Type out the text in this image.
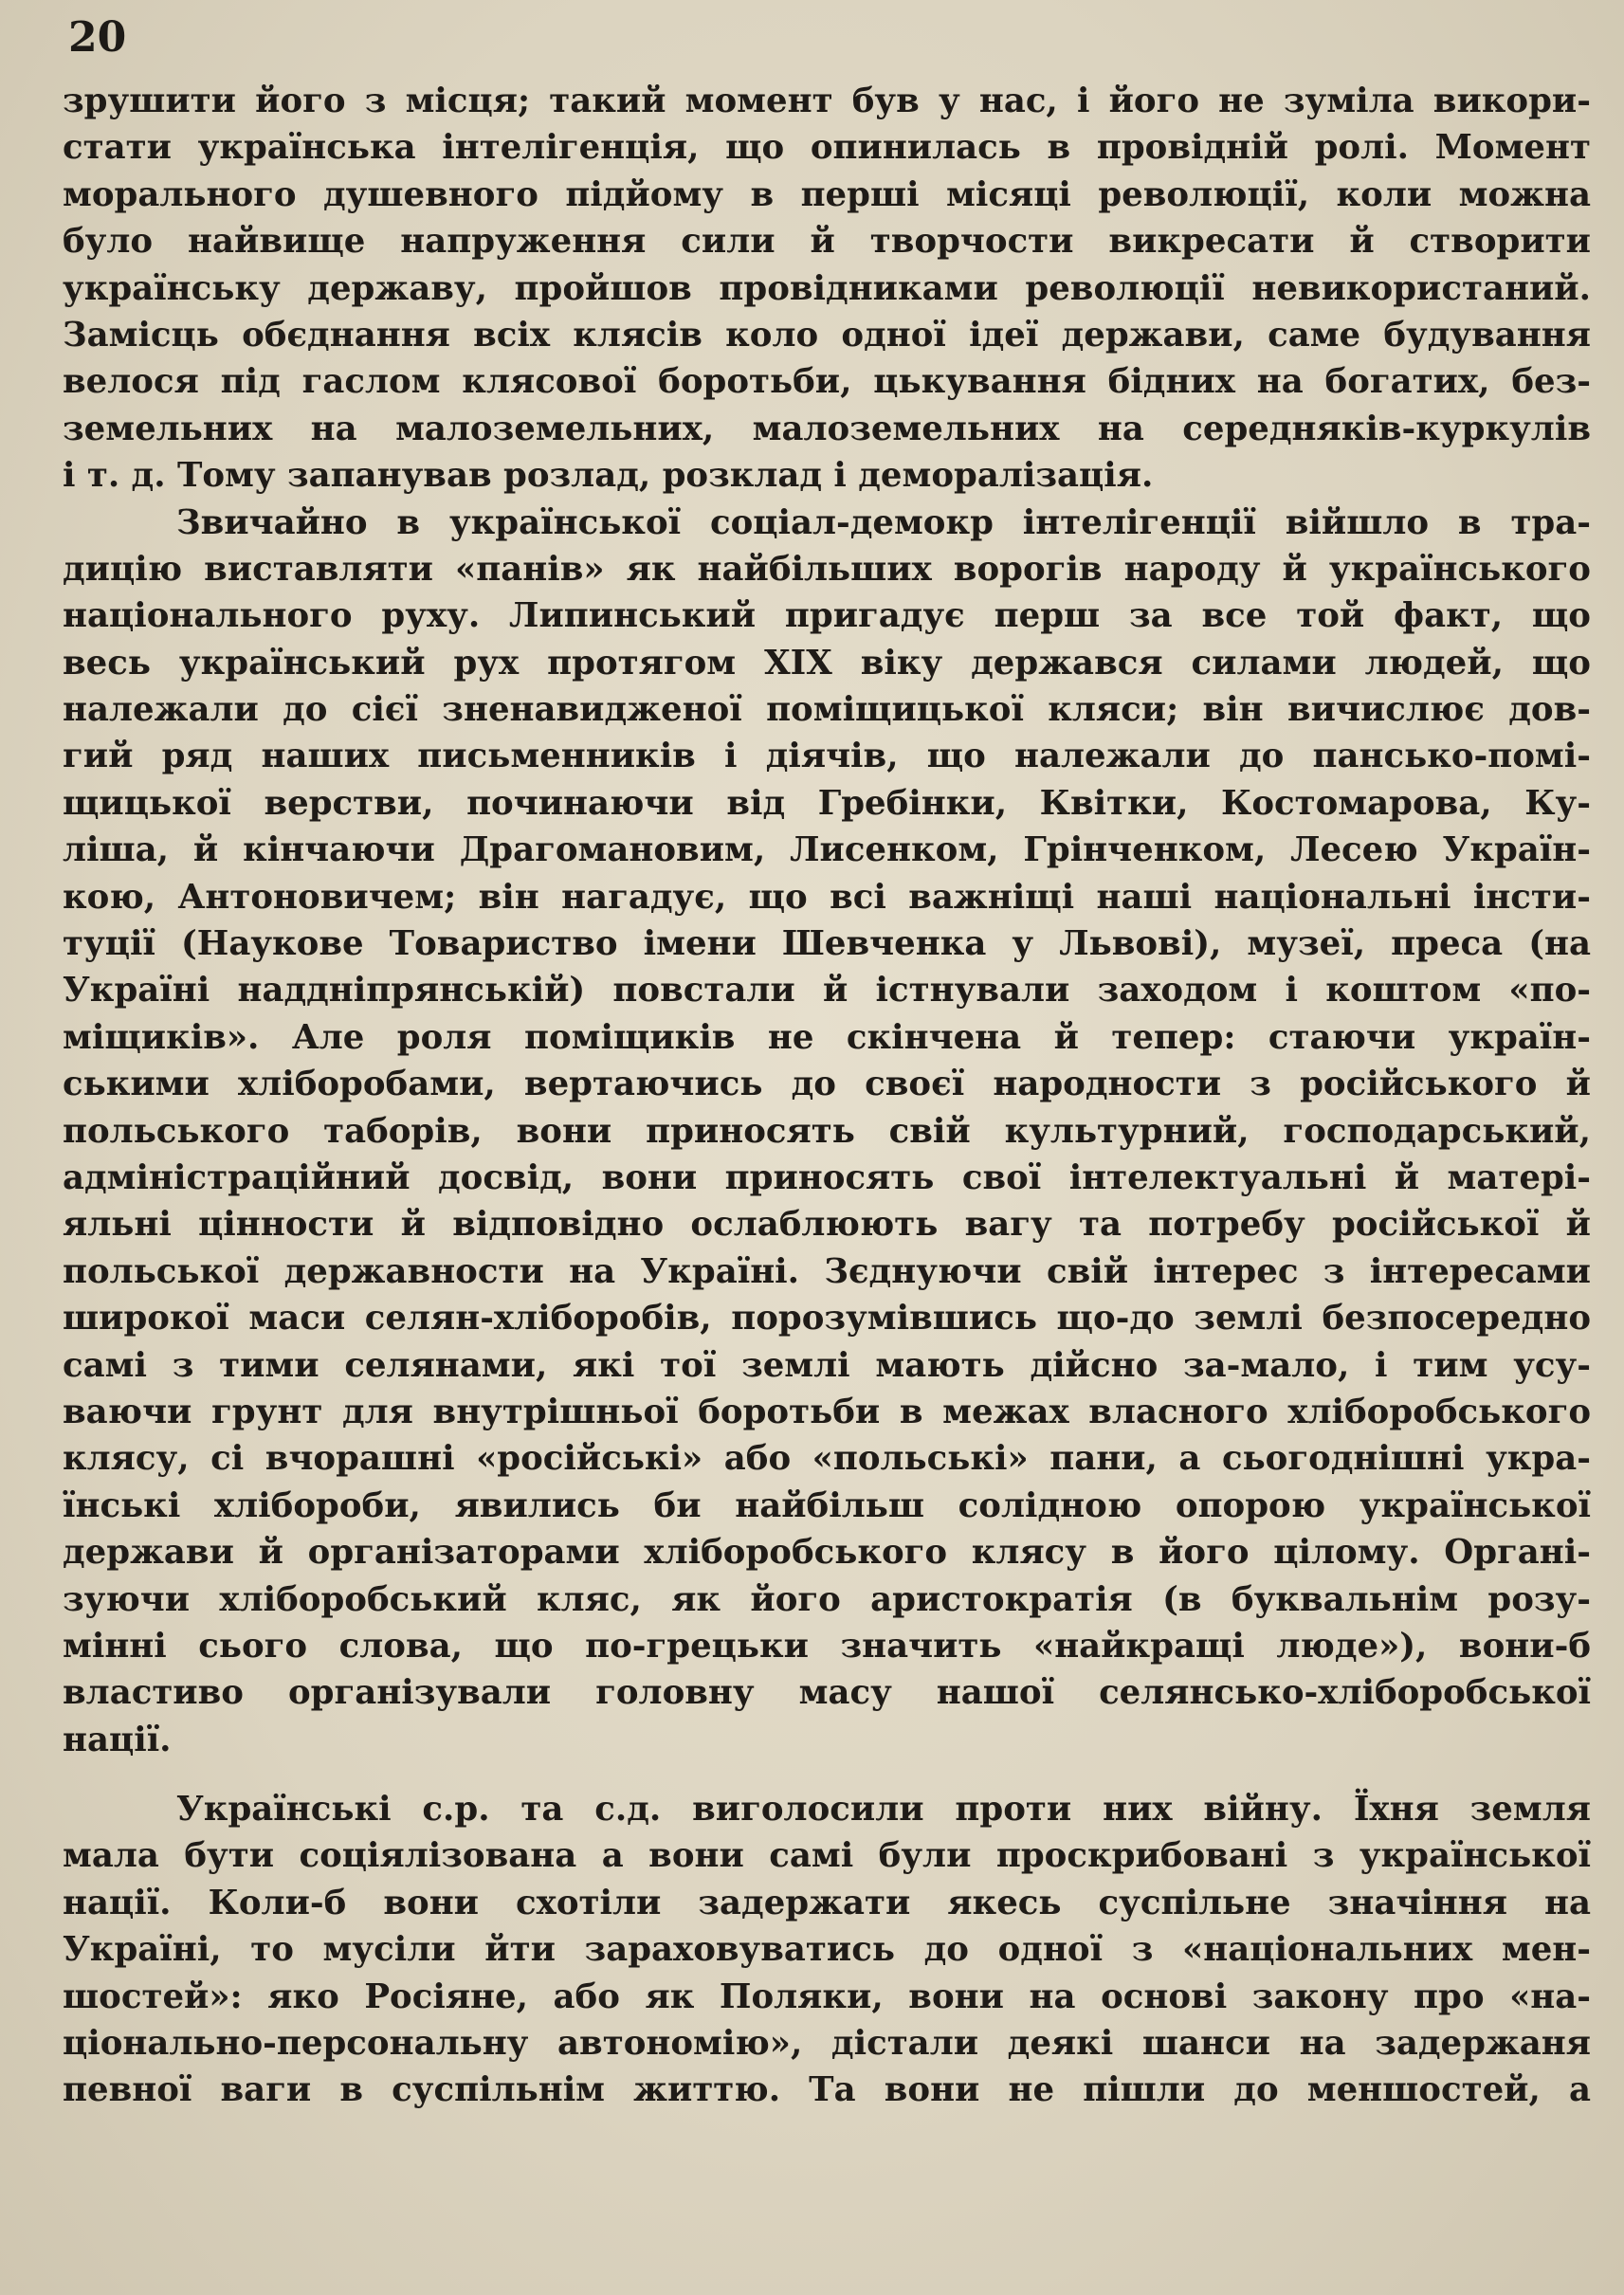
20
зрушити його з місця; такий момент був у нас, і його не зуміла викори-
стати українська інтелігенція, що опинилась в провідній ролі. Момент
морального душевного підйому в перші місяці революції, коли можна
було найвище напруження сили й творчости викресати й створити
українську державу, пройшов провідниками революції невикористаний.
Замісць обєднання всіх клясів коло одної ідеї держави, саме будування
велося під гаслом клясової боротьби, цькування бідних на богатих, без-
земельних на малоземельних, малоземельних на середняків-куркулів
і т. д. Тому запанував розлад, розклад і деморалізація.
Звичайно в української соціал-демокр інтелігенції війшло в тра-
дицію виставляти «панів» як найбільших ворогів народу й українського
національного руху. Липинський пригадує перш за все той факт, що
весь український рух протягом XIX віку держався силами людей, що
належали до сієї зненавидженої поміщицької кляси; він вичислює дов-
гий ряд наших письменників і діячів, що належали до пансько-помі-
щицької верстви, починаючи від Гребінки, Квітки, Костомарова, Ку-
ліша, й кінчаючи Драгомановим, Лисенком, Грінченком, Лесею Україн-
кою, Антоновичем; він нагадує, що всі важніщі наші національні інсти-
туції (Наукове Товариство імени Шевченка у Львові), музеї, преса (на
Україні наддніпрянській) повстали й істнували заходом і коштом «по-
міщиків». Але роля поміщиків не скінчена й тепер: стаючи україн-
ськими хліборобами, вертаючись до своєї народности з російського й
польського таборів, вони приносять свій культурний, господарський,
адміністраційний досвід, вони приносять свої інтелектуальні й матері-
яльні цінности й відповідно ослаблюють вагу та потребу російської й
польської державности на Україні. Зєднуючи свій інтерес з інтересами
широкої маси селян-хліборобів, порозумівшись що-до землі безпосередно
самі з тими селянами, які тої землі мають дійсно за-мало, і тим усу-
ваючи грунт для внутрішньої боротьби в межах власного хліборобського
клясу, сі вчорашні «російські» або «польські» пани, а сьогоднішні укра-
їнські хлібороби, явились би найбільш солідною опорою української
держави й організаторами хліборобського клясу в його цілому. Органі-
зуючи хліборобський кляс, як його аристократія (в буквальнім розу-
мінні сього слова, що по-грецьки значить «найкращі люде»), вони-б
властиво організували головну масу нашої селянсько-хліборобської
нації.
Українські с.р. та с.д. виголосили проти них війну. Їхня земля
мала бути соціялізована а вони самі були проскрибовані з української
нації. Коли-б вони схотіли задержати якесь суспільне значіння на
Україні, то мусіли йти зараховуватись до одної з «національних мен-
шостей»: яко Росіяне, або як Поляки, вони на основі закону про «на-
ціонально-персональну автономію», дістали деякі шанси на задержаня
певної ваги в суспільнім життю. Та вони не пішли до меншостей, а
